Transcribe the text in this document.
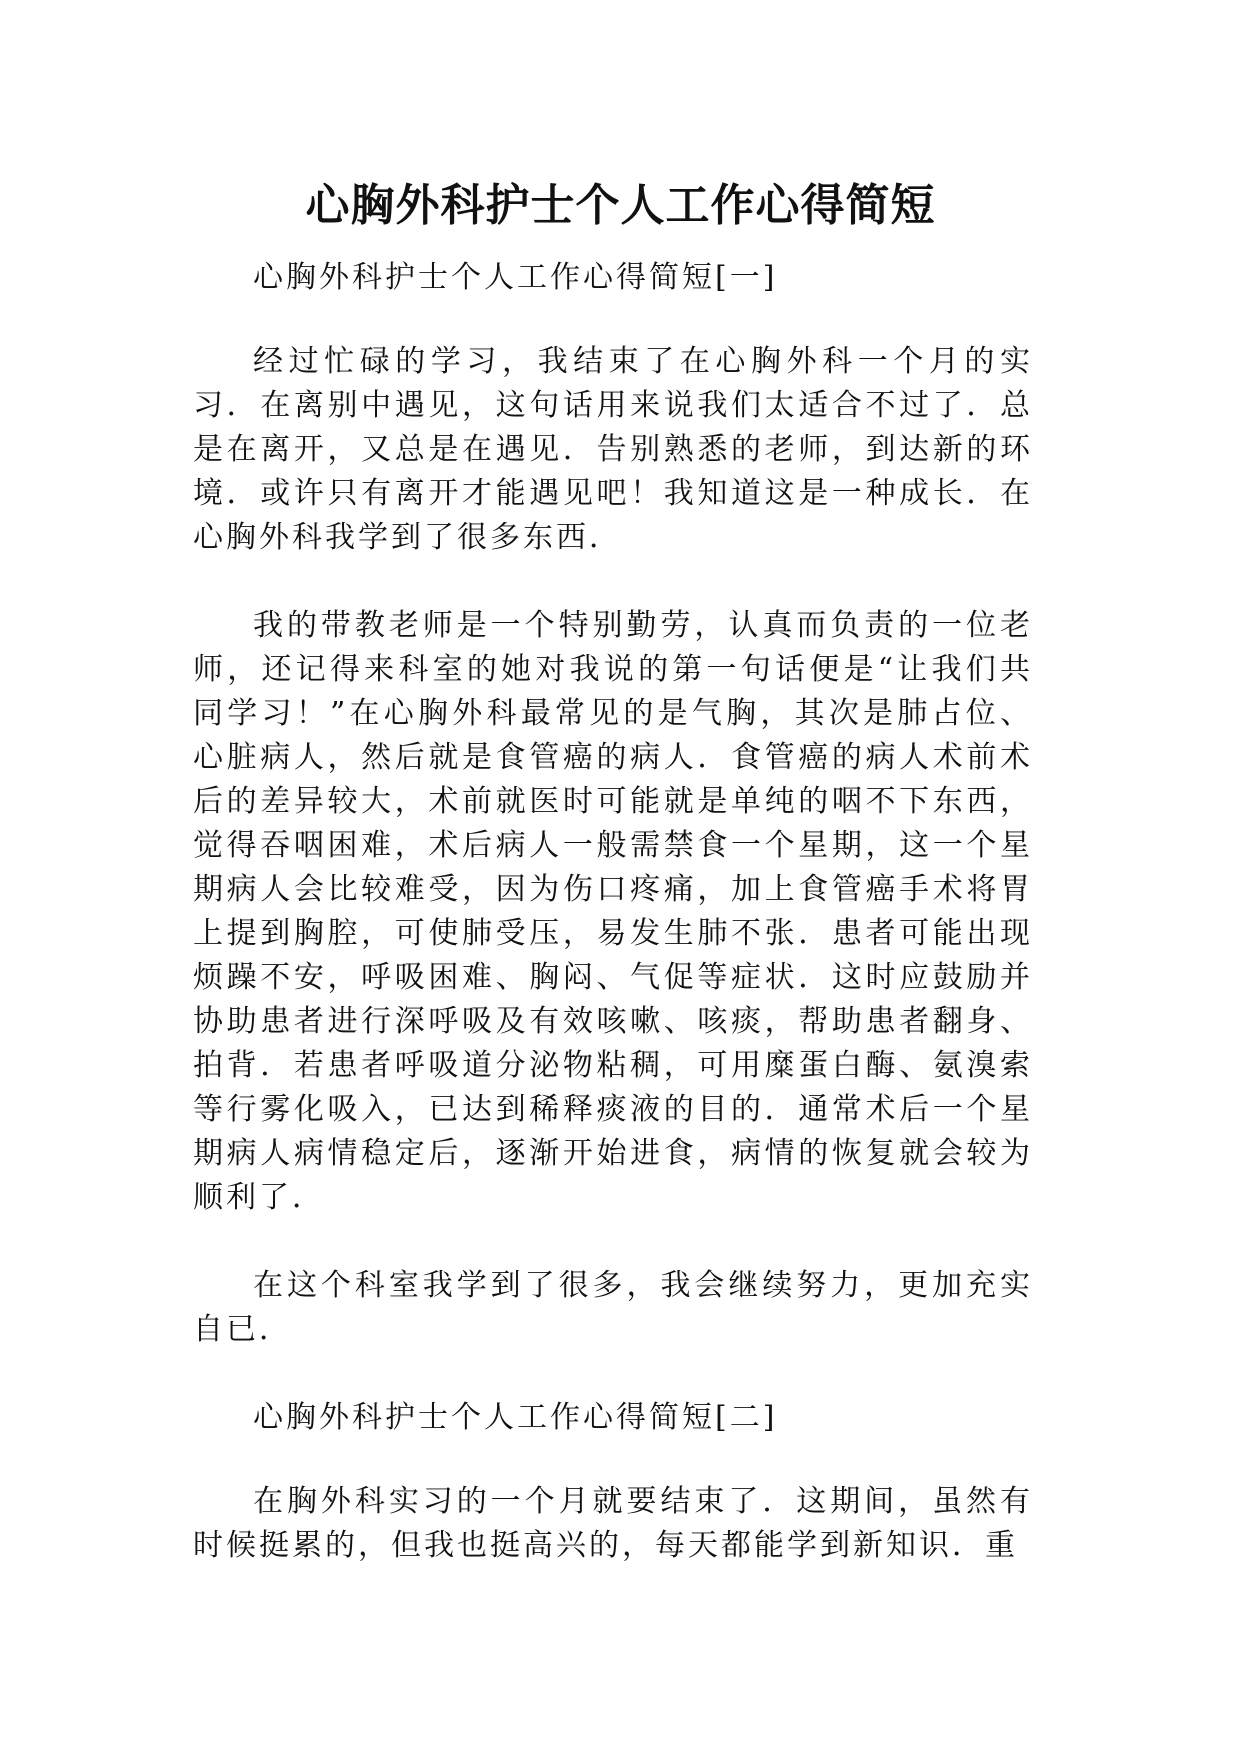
心胸外科护士个人工作心得简短

心胸外科护士个人工作心得简短[一]

经过忙碌的学习，我结束了在心胸外科一个月的实习．在离别中遇见，这句话用来说我们太适合不过了．总是在离开，又总是在遇见．告别熟悉的老师，到达新的环境．或许只有离开才能遇见吧！我知道这是一种成长．在心胸外科我学到了很多东西．

我的带教老师是一个特别勤劳，认真而负责的一位老师，还记得来科室的她对我说的第一句话便是“让我们共同学习！”在心胸外科最常见的是气胸，其次是肺占位、心脏病人，然后就是食管癌的病人．食管癌的病人术前术后的差异较大，术前就医时可能就是单纯的咽不下东西，觉得吞咽困难，术后病人一般需禁食一个星期，这一个星期病人会比较难受，因为伤口疼痛，加上食管癌手术将胃上提到胸腔，可使肺受压，易发生肺不张．患者可能出现烦躁不安，呼吸困难、胸闷、气促等症状．这时应鼓励并协助患者进行深呼吸及有效咳嗽、咳痰，帮助患者翻身、拍背．若患者呼吸道分泌物粘稠，可用糜蛋白酶、氨溴索等行雾化吸入，已达到稀释痰液的目的．通常术后一个星期病人病情稳定后，逐渐开始进食，病情的恢复就会较为顺利了．

在这个科室我学到了很多，我会继续努力，更加充实自已．

心胸外科护士个人工作心得简短[二]

在胸外科实习的一个月就要结束了．这期间，虽然有时候挺累的，但我也挺高兴的，每天都能学到新知识．重
